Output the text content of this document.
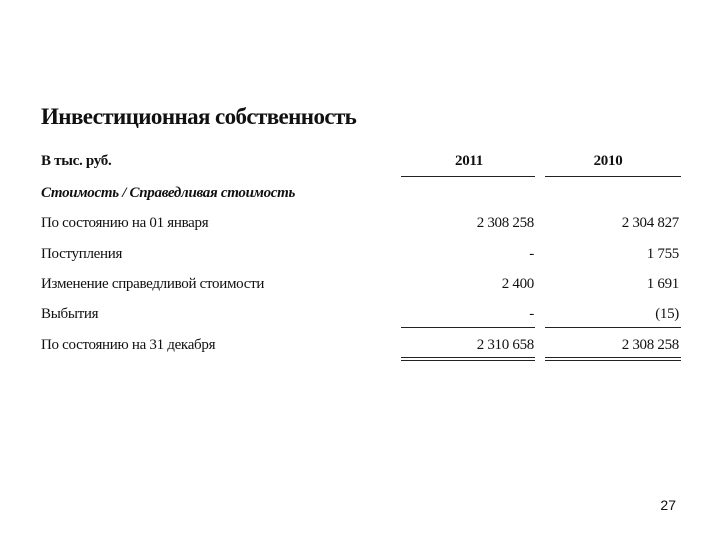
Инвестиционная собственность
В тыс. руб.	2011	2010
Стоимость / Справедливая стоимость
По состоянию на 01 января	2 308 258	2 304 827
Поступления	-	1 755
Изменение справедливой стоимости	2 400	1 691
Выбытия	-	(15)
По состоянию на 31 декабря	2 310 658	2 308 258
27
